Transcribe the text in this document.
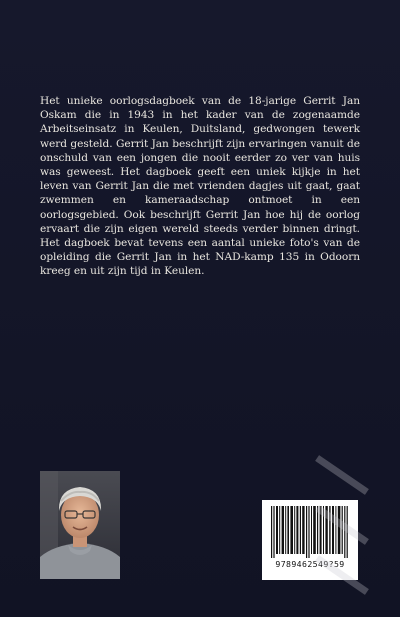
Het unieke oorlogsdagboek van de 18-jarige Gerrit Jan Oskam die in 1943 in het kader van de zogenaamde Arbeitseinsatz in Keulen, Duitsland, gedwongen tewerk werd gesteld. Gerrit Jan beschrijft zijn ervaringen vanuit de onschuld van een jongen die nooit eerder zo ver van huis was geweest. Het dagboek geeft een uniek kijkje in het leven van Gerrit Jan die met vrienden dagjes uit gaat, gaat zwemmen en kameraadschap ontmoet in een oorlogsgebied. Ook beschrijft Gerrit Jan hoe hij de oorlog ervaart die zijn eigen wereld steeds verder binnen dringt. Het dagboek bevat tevens een aantal unieke foto's van de opleiding die Gerrit Jan in het NAD-kamp 135 in Odoorn kreeg en uit zijn tijd in Keulen.

9789462549?59
